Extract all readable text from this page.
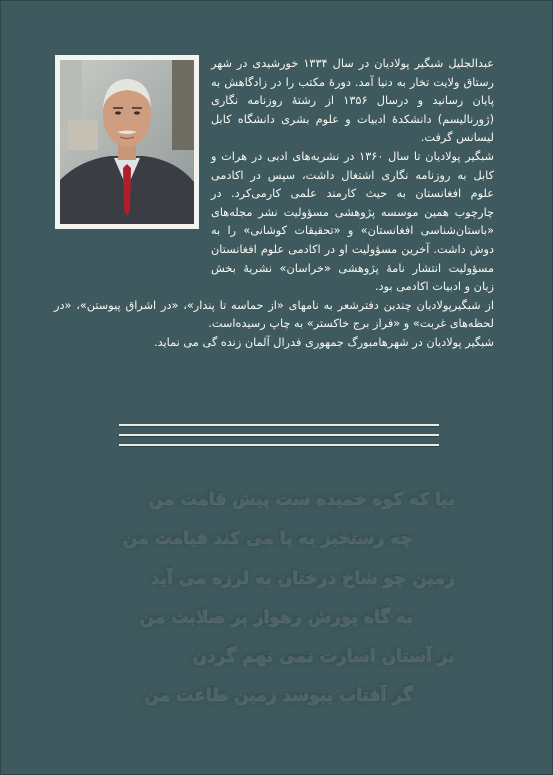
عبدالجلیل شبگیر پولادیان در سال ۱۳۳۴ خورشیدی در شهر رستاق ولایت تخار به دنیا آمد. دورهٔ مکتب را در زادگاهش به پایان رسانید و درسال ۱۳۵۶ از رشتهٔ روزنامه نگاری (ژورنالیسم) دانشکدهٔ ادبیات و علوم بشری دانشگاه کابل لیسانس گرفت.

شبگیر پولادیان تا سال ۱۳۶۰ در نشریه‌های ادبی در هرات و کابل به روزنامه نگاری اشتغال داشت، سپس در اکادمی علوم افغانستان به حیث کارمند علمی کارمی‌کرد. در چارچوب همین موسسه پژوهشی مسؤولیت نشر مجله‌های «باستان‌شناسی افغانستان» و «تحقیقات کوشانی» را به دوش داشت. آخرین مسؤولیت او در اکادمی علوم افغانستان مسؤولیت انتشار نامهٔ پژوهشی «خراسان» نشریهٔ بخش زبان و ادبیات اکادمی بود.

از شبگیرپولادیان چندین دفترشعر به نامهای «از حماسه تا پندار»، «در اشراق پیوستن»، «در لحظه‌های غربت» و «فراز برج خاکستر» به چاپ رسیده‌است.

شبگیر پولادیان در شهرهامبورگ جمهوری فدرال آلمان زنده گی می نماید.

بیا که کوه خمیده ست پیش قامت من
چه رستخیز به پا می کند قیامت من
زمین چو شاخ درختان به لرزه می آید
به گاه یورش رهوار پر صلابت من
بر آستان اسارت نمی نهم گردن
گر آفتاب ببوسد زمین طاعت من
